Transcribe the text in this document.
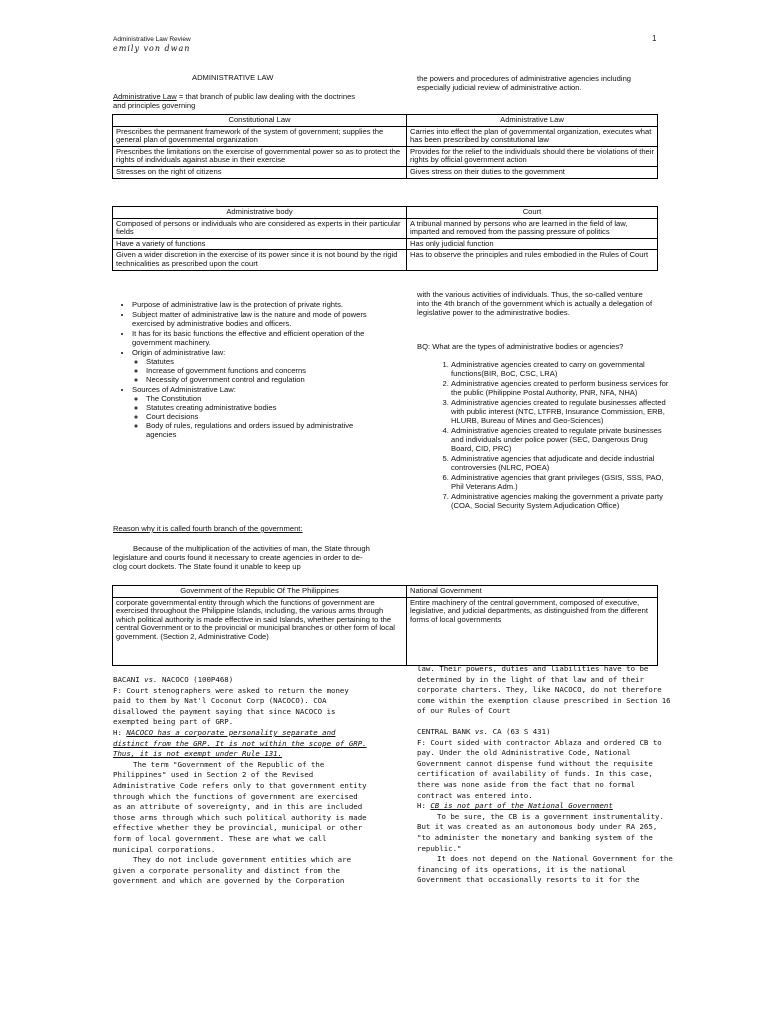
Administrative Law Review
emily von dwan
1
ADMINISTRATIVE LAW
Administrative Law = that branch of public law dealing with the doctrines and principles governing
the powers and procedures of administrative agencies including especially judicial review of administrative action.
Constitutional Law	Administrative Law
Prescribes the permanent framework of the system of government; supplies the general plan of governmental organization	Carries into effect the plan of governmental organization, executes what has been prescribed by constitutional law
Prescribes the limitations on the exercise of governmental power so as to protect the rights of individuals against abuse in their exercise	Provides for the relief to the individuals should there be violations of their rights by official government action
Stresses on the right of citizens	Gives stress on their duties to the government
Administrative body	Court
Composed of persons or individuals who are considered as experts in their particular fields	A tribunal manned by persons who are learned in the field of law, imparted and removed from the passing pressure of politics
Have a variety of functions	Has only judicial function
Given a wider discretion in the exercise of its power since it is not bound by the rigid technicalities as prescribed upon the court	Has to observe the principles and rules embodied in the Rules of Court
• Purpose of administrative law is the protection of private rights.
• Subject matter of administrative law is the nature and mode of powers exercised by administrative bodies and officers.
• It has for its basic functions the effective and efficient operation of the government machinery.
• Origin of administrative law:
◦ Statutes
◦ Increase of government functions and concerns
◦ Necessity of government control and regulation
• Sources of Administrative Law:
◦ The Constitution
◦ Statutes creating administrative bodies
◦ Court decisions
◦ Body of rules, regulations and orders issued by administrative agencies
Reason why it is called fourth branch of the government:
Because of the multiplication of the activities of man, the State through legislature and courts found it necessary to create agencies in order to de-clog court dockets. The State found it unable to keep up
with the various activities of individuals. Thus, the so-called venture into the 4th branch of the government which is actually a delegation of legislative power to the administrative bodies.
BQ: What are the types of administrative bodies or agencies?
1. Administrative agencies created to carry on governmental functions(BIR, BoC, CSC, LRA)
2. Administrative agencies created to perform business services for the public (Philippine Postal Authority, PNR, NFA, NHA)
3. Administrative agencies created to regulate businesses affected with public interest (NTC, LTFRB, Insurance Commission, ERB, HLURB, Bureau of Mines and Geo-Sciences)
4. Administrative agencies created to regulate private businesses and individuals under police power (SEC, Dangerous Drug Board, CID, PRC)
5. Administrative agencies that adjudicate and decide industrial controversies (NLRC, POEA)
6. Administrative agencies that grant privileges (GSIS, SSS, PAO, Phil Veterans Adm.)
7. Administrative agencies making the government a private party (COA, Social Security System Adjudication Office)
Government of the Republic Of The Philippines	National Government
corporate governmental entity through which the functions of government are exercised throughout the Philippine Islands, including, the various arms through which political authority is made effective in said Islands, whether pertaining to the central Government or to the provincial or municipal branches or other form of local government. (Section 2, Administrative Code)	Entire machinery of the central government, composed of executive, legislative, and judicial departments, as distinguished from the different forms of local governments

BACANI vs. NACOCO (100P468)

F: Court stenographers were asked to return the money paid to them by Nat'l Coconut Corp (NACOCO). COA disallowed the payment saying that since NACOCO is exempted being part of GRP.

H: NACOCO has a corporate personality separate and distinct from the GRP. It is not within the scope of GRP. Thus, it is not exempt under Rule 131.

The term "Government of the Republic of the Philippines" used in Section 2 of the Revised Administrative Code refers only to that government entity through which the functions of government are exercised as an attribute of sovereignty, and in this are included those arms through which such political authority is made effective whether they be provincial, municipal or other form of local government. These are what we call municipal corporations.

They do not include government entities which are given a corporate personality and distinct from the government and which are governed by the Corporation

law. Their powers, duties and liabilities have to be determined by in the light of that law and of their corporate charters. They, like NACOCO, do not therefore come within the exemption clause prescribed in Section 16 of our Rules of Court

CENTRAL BANK vs. CA (63 S 431)

F: Court sided with contractor Ablaza and ordered CB to pay. Under the old Administrative Code, National Government cannot dispense fund without the requisite certification of availability of funds. In this case, there was none aside from the fact that no formal contract was entered into.

H: CB is not part of the National Government

To be sure, the CB is a government instrumentality. But it was created as an autonomous body under RA 265, "to administer the monetary and banking system of the republic."

It does not depend on the National Government for the financing of its operations, it is the national Government that occasionally resorts to it for the
